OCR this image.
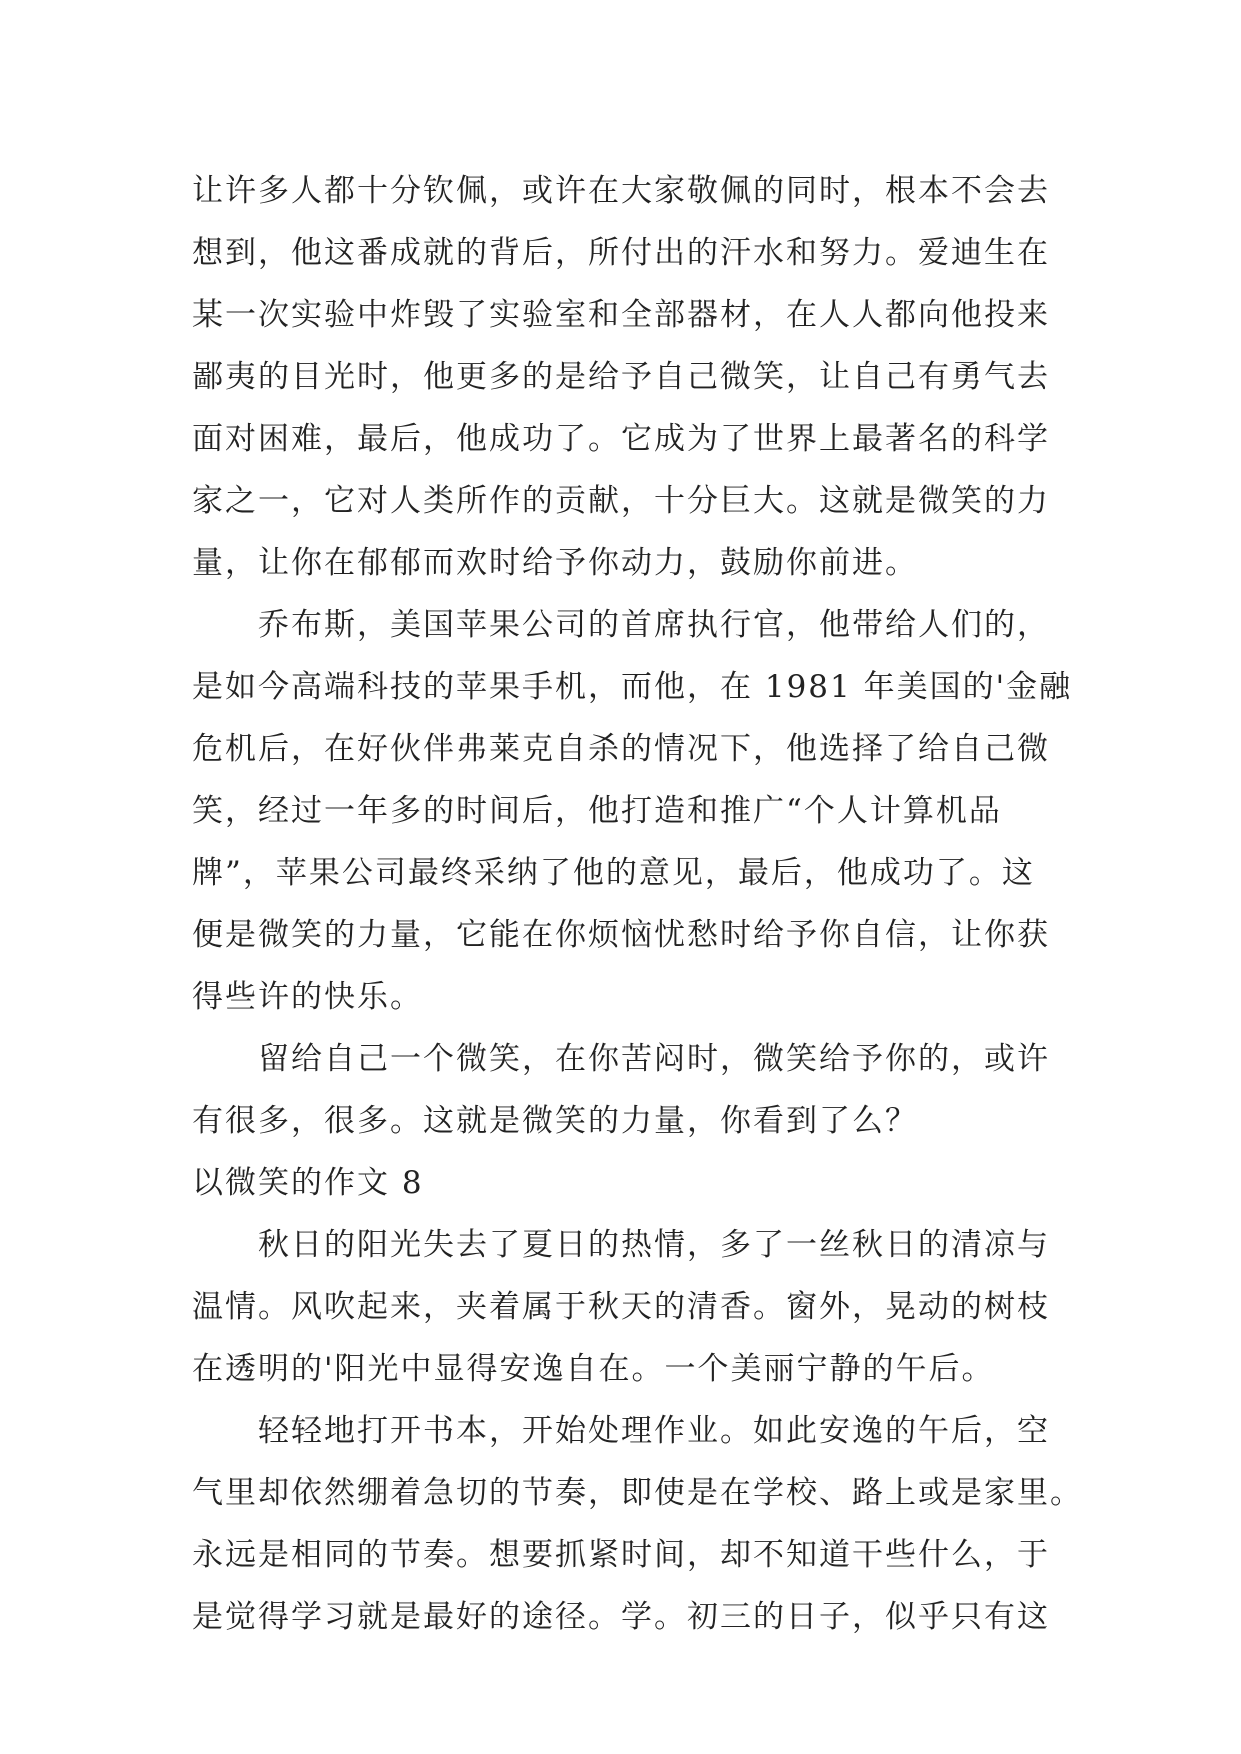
让许多人都十分钦佩，或许在大家敬佩的同时，根本不会去
想到，他这番成就的背后，所付出的汗水和努力。爱迪生在
某一次实验中炸毁了实验室和全部器材，在人人都向他投来
鄙夷的目光时，他更多的是给予自己微笑，让自己有勇气去
面对困难，最后，他成功了。它成为了世界上最著名的科学
家之一，它对人类所作的贡献，十分巨大。这就是微笑的力
量，让你在郁郁而欢时给予你动力，鼓励你前进。
乔布斯，美国苹果公司的首席执行官，他带给人们的，
是如今高端科技的苹果手机，而他，在 1981 年美国的'金融
危机后，在好伙伴弗莱克自杀的情况下，他选择了给自己微
笑，经过一年多的时间后，他打造和推广“个人计算机品
牌”，苹果公司最终采纳了他的意见，最后，他成功了。这
便是微笑的力量，它能在你烦恼忧愁时给予你自信，让你获
得些许的快乐。
留给自己一个微笑，在你苦闷时，微笑给予你的，或许
有很多，很多。这就是微笑的力量，你看到了么？
以微笑的作文 8
秋日的阳光失去了夏日的热情，多了一丝秋日的清凉与
温情。风吹起来，夹着属于秋天的清香。窗外，晃动的树枝
在透明的'阳光中显得安逸自在。一个美丽宁静的午后。
轻轻地打开书本，开始处理作业。如此安逸的午后，空
气里却依然绷着急切的节奏，即使是在学校、路上或是家里。
永远是相同的节奏。想要抓紧时间，却不知道干些什么，于
是觉得学习就是最好的途径。学。初三的日子，似乎只有这
